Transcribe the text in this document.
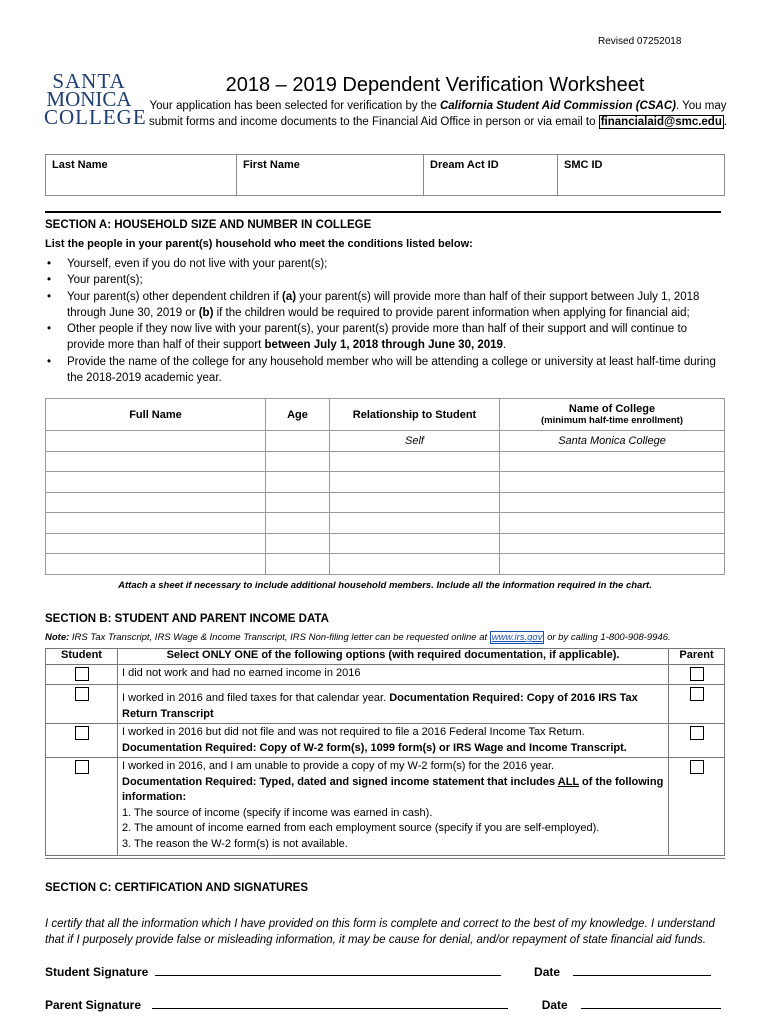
Revised 07252018
SANTA
MONICA
COLLEGE
2018 – 2019 Dependent Verification Worksheet
Your application has been selected for verification by the California Student Aid Commission (CSAC). You may submit forms and income documents to the Financial Aid Office in person or via email to financialaid@smc.edu .
Last Name	First Name	Dream Act ID	SMC ID
SECTION A: HOUSEHOLD SIZE AND NUMBER IN COLLEGE
List the people in your parent(s) household who meet the conditions listed below:
• Yourself, even if you do not live with your parent(s);
• Your parent(s);
• Your parent(s) other dependent children if (a) your parent(s) will provide more than half of their support between July 1, 2018 through June 30, 2019 or (b) if the children would be required to provide parent information when applying for financial aid;
• Other people if they now live with your parent(s), your parent(s) provide more than half of their support and will continue to provide more than half of their support between July 1, 2018 through June 30, 2019.
• Provide the name of the college for any household member who will be attending a college or university at least half-time during the 2018-2019 academic year.
Full Name	Age	Relationship to Student	Name of College
(minimum half-time enrollment)

		Self	Santa Monica College

Attach a sheet if necessary to include additional household members. Include all the information required in the chart.
SECTION B: STUDENT AND PARENT INCOME DATA
Note: IRS Tax Transcript, IRS Wage & Income Transcript, IRS Non-filing letter can be requested online at www.irs.gov or by calling 1-800-908-9946.
Student	Select ONLY ONE of the following options (with required documentation, if applicable).	Parent
	I did not work and had no earned income in 2016	
	I worked in 2016 and filed taxes for that calendar year. Documentation Required: Copy of 2016 IRS Tax Return Transcript	

	I worked in 2016 but did not file and was not required to file a 2016 Federal Income Tax Return.
Documentation Required: Copy of W-2 form(s), 1099 form(s) or IRS Wage and Income Transcript.	

	I worked in 2016, and I am unable to provide a copy of my W-2 form(s) for the 2016 year.
Documentation Required: Typed, dated and signed income statement that includes ALL of the following information:
1. The source of income (specify if income was earned in cash).
2. The amount of income earned from each employment source (specify if you are self-employed).
3. The reason the W-2 form(s) is not available.	

SECTION C: CERTIFICATION AND SIGNATURES
I certify that all the information which I have provided on this form is complete and correct to the best of my knowledge. I understand that if I purposely provide false or misleading information, it may be cause for denial, and/or repayment of state financial aid funds.
Student Signature	Date
Parent Signature	Date
